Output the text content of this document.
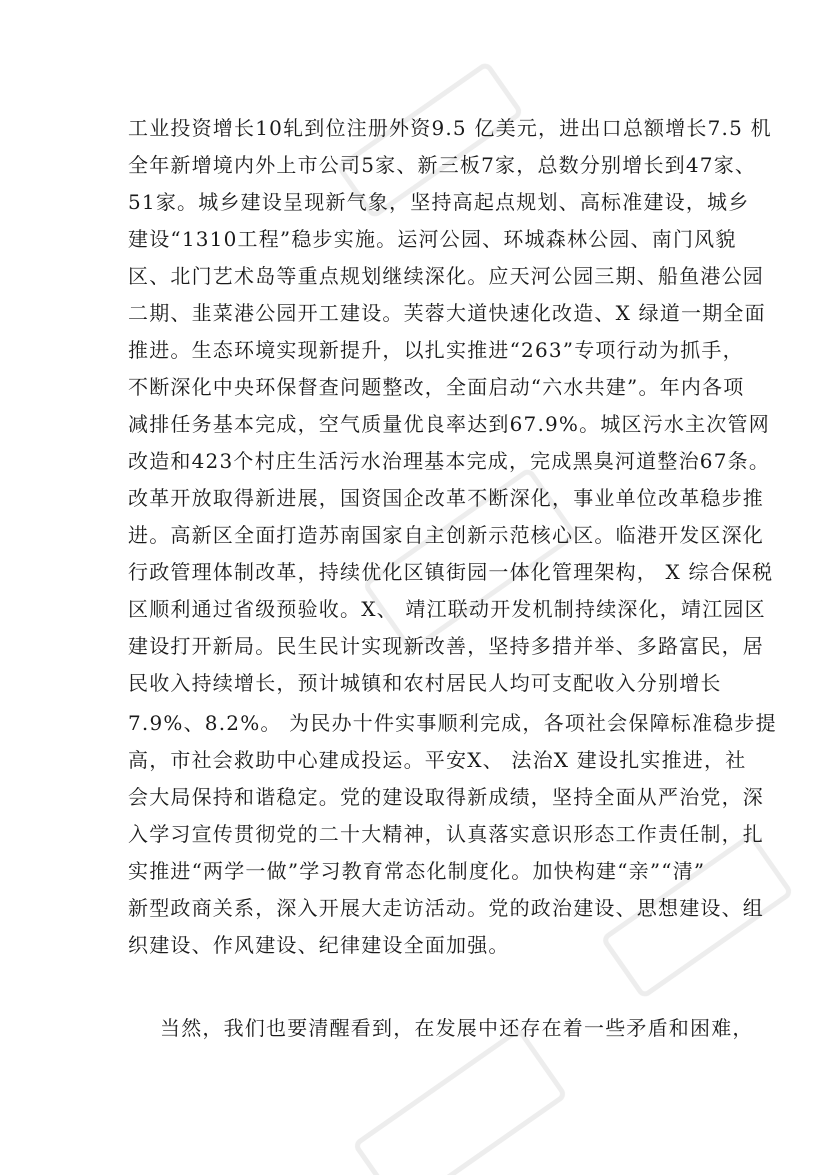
工业投资增长10轧到位注册外资9.5 亿美元，进出口总额增长7.5 机
全年新增境内外上市公司5家、新三板7家，总数分别增长到47家、
51家。城乡建设呈现新气象，坚持高起点规划、高标准建设，城乡
建设“1310工程”稳步实施。运河公园、环城森林公园、南门风貌
区、北门艺术岛等重点规划继续深化。应天河公园三期、船鱼港公园
二期、韭菜港公园开工建设。芙蓉大道快速化改造、X 绿道一期全面
推进。生态环境实现新提升，以扎实推进“263”专项行动为抓手，
不断深化中央环保督查问题整改，全面启动“六水共建”。年内各项
减排任务基本完成，空气质量优良率达到67.9%。城区污水主次管网
改造和423个村庄生活污水治理基本完成，完成黑臭河道整治67条。
改革开放取得新进展，国资国企改革不断深化，事业单位改革稳步推
进。高新区全面打造苏南国家自主创新示范核心区。临港开发区深化
行政管理体制改革，持续优化区镇街园一体化管理架构， X 综合保税
区顺利通过省级预验收。X、 靖江联动开发机制持续深化，靖江园区
建设打开新局。民生民计实现新改善，坚持多措并举、多路富民，居
民收入持续增长，预计城镇和农村居民人均可支配收入分别增长
7.9%、8.2%。 为民办十件实事顺利完成，各项社会保障标准稳步提
高，市社会救助中心建成投运。平安X、 法治X 建设扎实推进，社
会大局保持和谐稳定。党的建设取得新成绩，坚持全面从严治党，深
入学习宣传贯彻党的二十大精神，认真落实意识形态工作责任制，扎
实推进“两学一做”学习教育常态化制度化。加快构建“亲”“清”
新型政商关系，深入开展大走访活动。党的政治建设、思想建设、组
织建设、作风建设、纪律建设全面加强。
当然，我们也要清醒看到，在发展中还存在着一些矛盾和困难，
